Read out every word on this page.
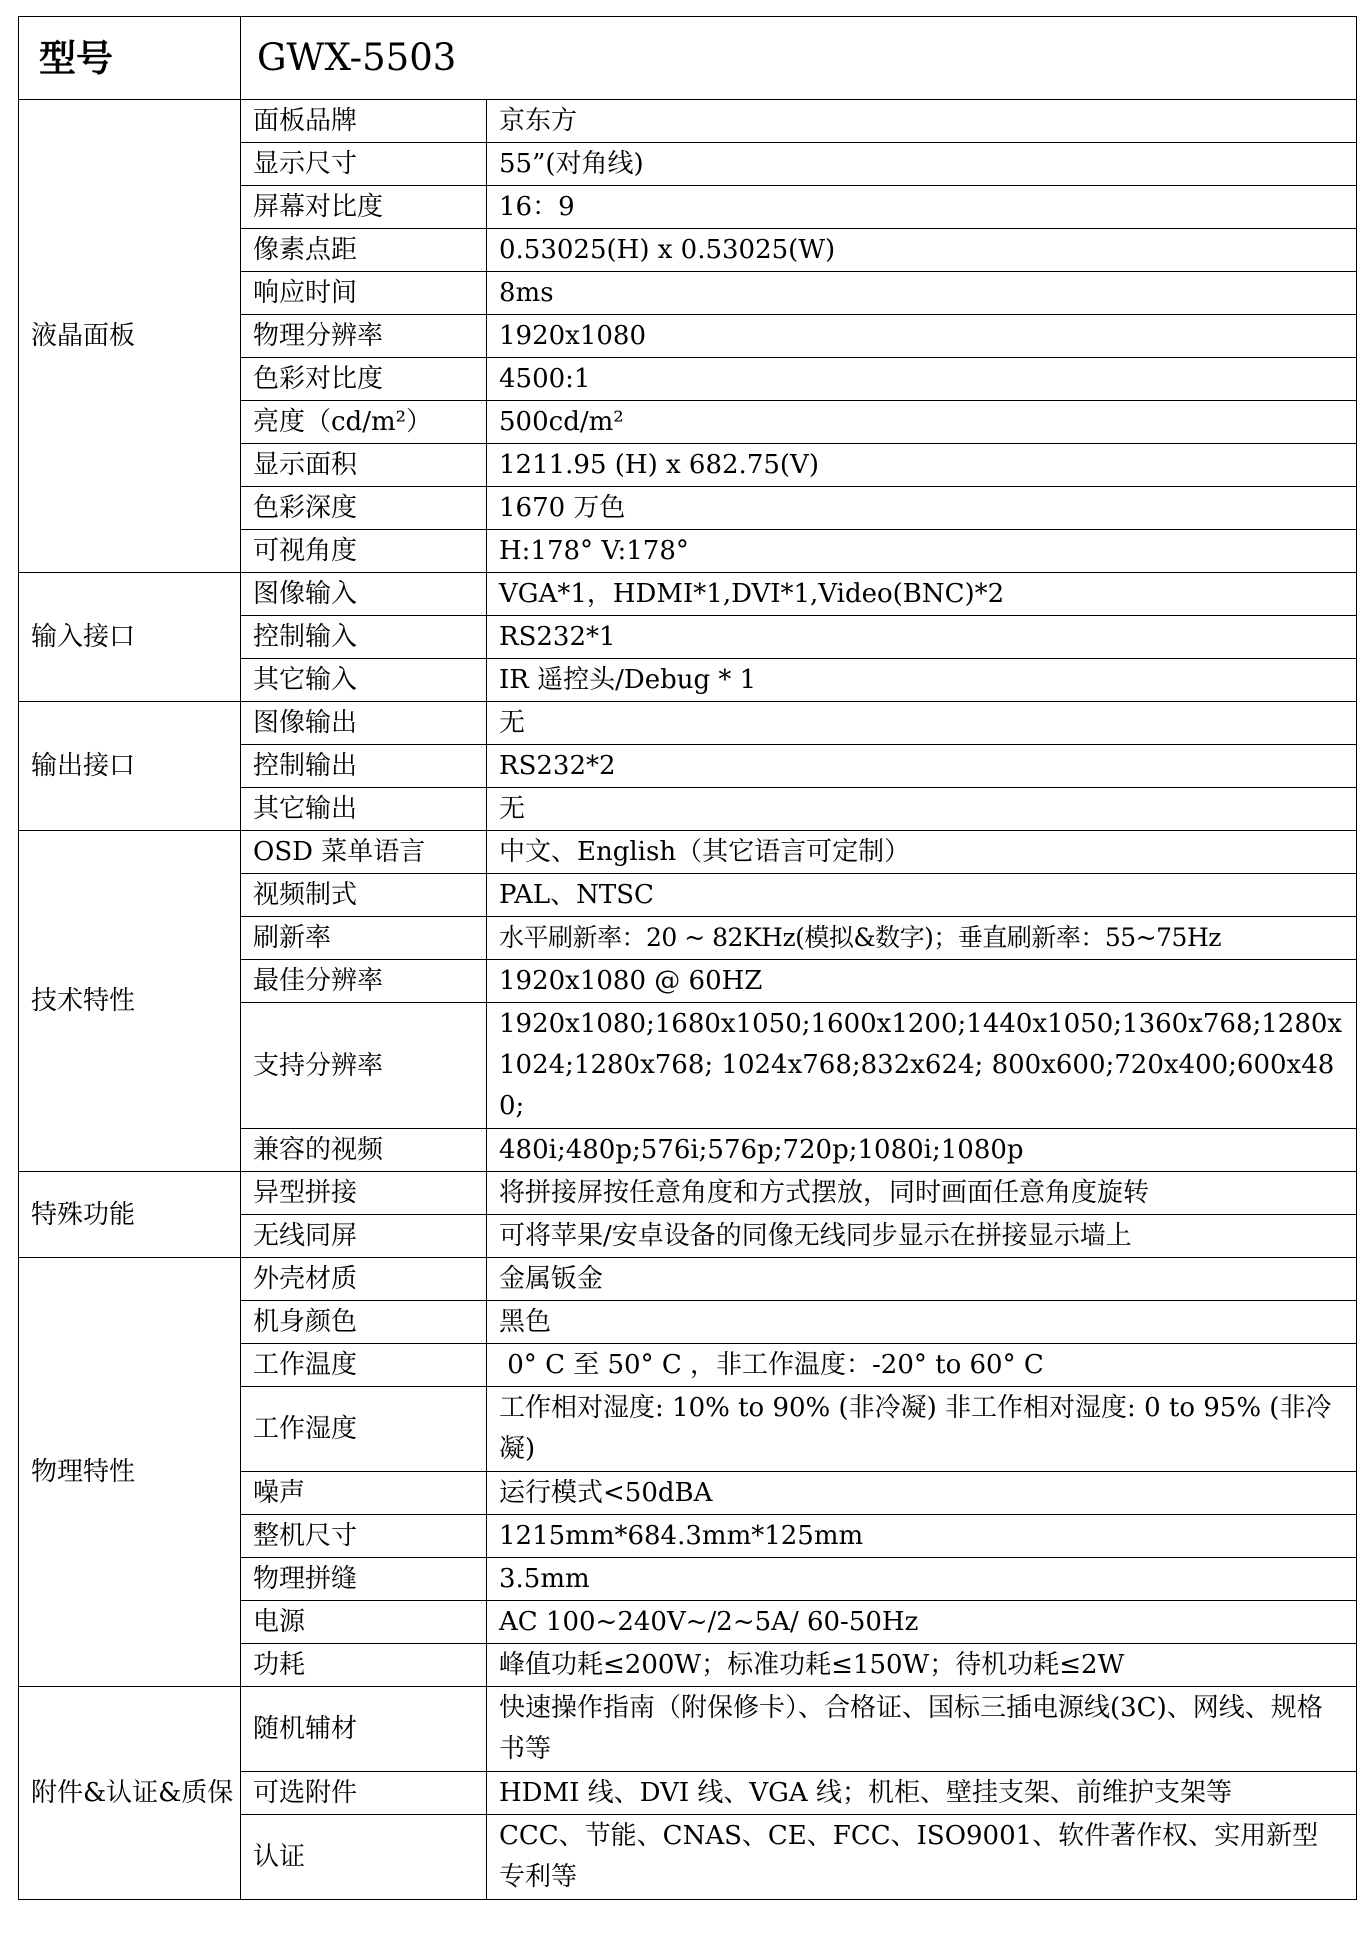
型号	GWX-5503	
液晶面板	面板品牌	京东方
	显示尺寸	55”(对角线)
	屏幕对比度	16：9
	像素点距	0.53025(H) x 0.53025(W)
	响应时间	8ms
	物理分辨率	1920x1080
	色彩对比度	4500:1
	亮度（cd/m²）	500cd/m²
	显示面积	1211.95 (H) x 682.75(V)
	色彩深度	1670 万色
	可视角度	H:178° V:178°
输入接口	图像输入	VGA*1，HDMI*1,DVI*1,Video(BNC)*2
	控制输入	RS232*1
	其它输入	IR 遥控头/Debug * 1
输出接口	图像输出	无
	控制输出	RS232*2
	其它输出	无
技术特性	OSD 菜单语言	中文、English（其它语言可定制）
	视频制式	PAL、NTSC
	刷新率	水平刷新率：20 ~ 82KHz(模拟&数字)；垂直刷新率：55~75Hz
	最佳分辨率	1920x1080 @ 60HZ
	支持分辨率	1920x1080;1680x1050;1600x1200;1440x1050;1360x768;1280x1024;1280x768; 1024x768;832x624; 800x600;720x400;600x480;
	兼容的视频	480i;480p;576i;576p;720p;1080i;1080p
特殊功能	异型拼接	将拼接屏按任意角度和方式摆放，同时画面任意角度旋转
	无线同屏	可将苹果/安卓设备的同像无线同步显示在拼接显示墙上
物理特性	外壳材质	金属钣金
	机身颜色	黑色
	工作温度	0° C 至 50° C ，非工作温度：-20° to 60° C
	工作湿度	工作相对湿度: 10% to 90% (非冷凝) 非工作相对湿度: 0 to 95% (非冷凝)
	噪声	运行模式<50dBA
	整机尺寸	1215mm*684.3mm*125mm
	物理拼缝	3.5mm
	电源	AC 100~240V~/2~5A/ 60-50Hz
	功耗	峰值功耗≤200W；标准功耗≤150W；待机功耗≤2W
附件&认证&质保	随机辅材	快速操作指南（附保修卡）、合格证、国标三插电源线(3C)、网线、规格书等
	可选附件	HDMI 线、DVI 线、VGA 线；机柜、壁挂支架、前维护支架等
	认证	CCC、节能、CNAS、CE、FCC、ISO9001、软件著作权、实用新型专利等
